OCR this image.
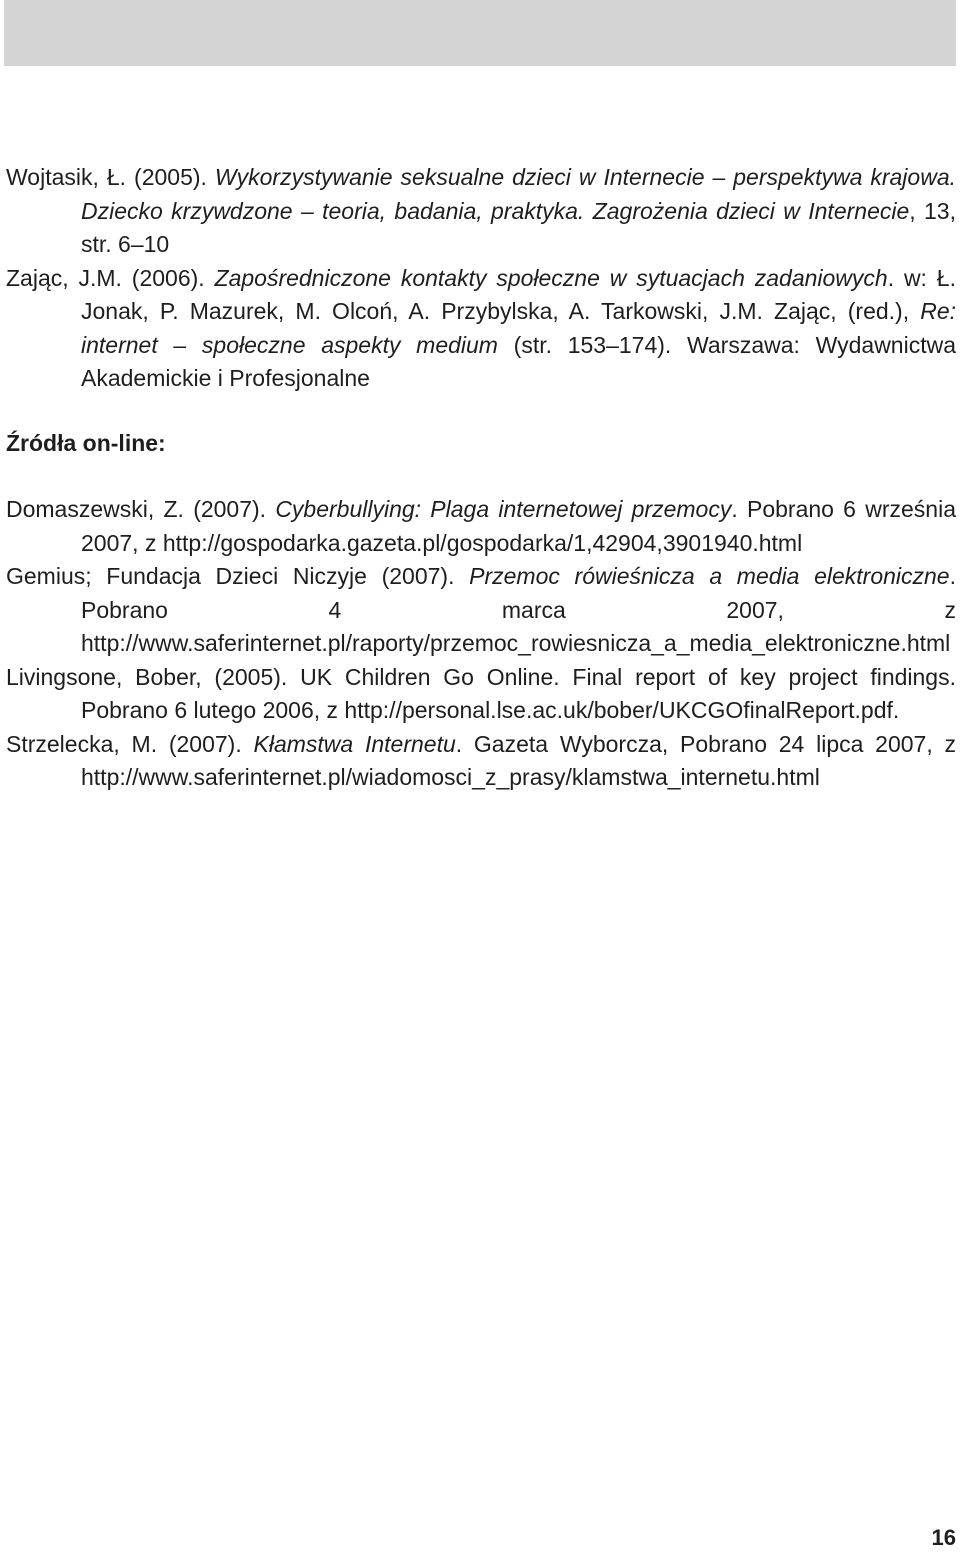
Wojtasik, Ł. (2005). Wykorzystywanie seksualne dzieci w Internecie – perspektywa krajowa. Dziecko krzywdzone – teoria, badania, praktyka. Zagrożenia dzieci w Internecie, 13, str. 6–10

Zając, J.M. (2006). Zapośredniczone kontakty społeczne w sytuacjach zadaniowych. w: Ł. Jonak, P. Mazurek, M. Olcoń, A. Przybylska, A. Tarkowski, J.M. Zając, (red.), Re: internet – społeczne aspekty medium (str. 153–174). Warszawa: Wydawnictwa Akademickie i Profesjonalne

Źródła on-line:

Domaszewski, Z. (2007). Cyberbullying: Plaga internetowej przemocy. Pobrano 6 września 2007, z http://gospodarka.gazeta.pl/gospodarka/1,42904,3901940.html

Gemius; Fundacja Dzieci Niczyje (2007). Przemoc rówieśnicza a media elektroniczne. Pobrano 4 marca 2007, z http://www.saferinternet.pl/raporty/przemoc_rowiesnicza_a_media_elektroniczne.html

Livingsone, Bober, (2005). UK Children Go Online. Final report of key project findings. Pobrano 6 lutego 2006, z http://personal.lse.ac.uk/bober/UKCGOfinalReport.pdf.

Strzelecka, M. (2007). Kłamstwa Internetu. Gazeta Wyborcza, Pobrano 24 lipca 2007, z http://www.saferinternet.pl/wiadomosci_z_prasy/klamstwa_internetu.html

16
